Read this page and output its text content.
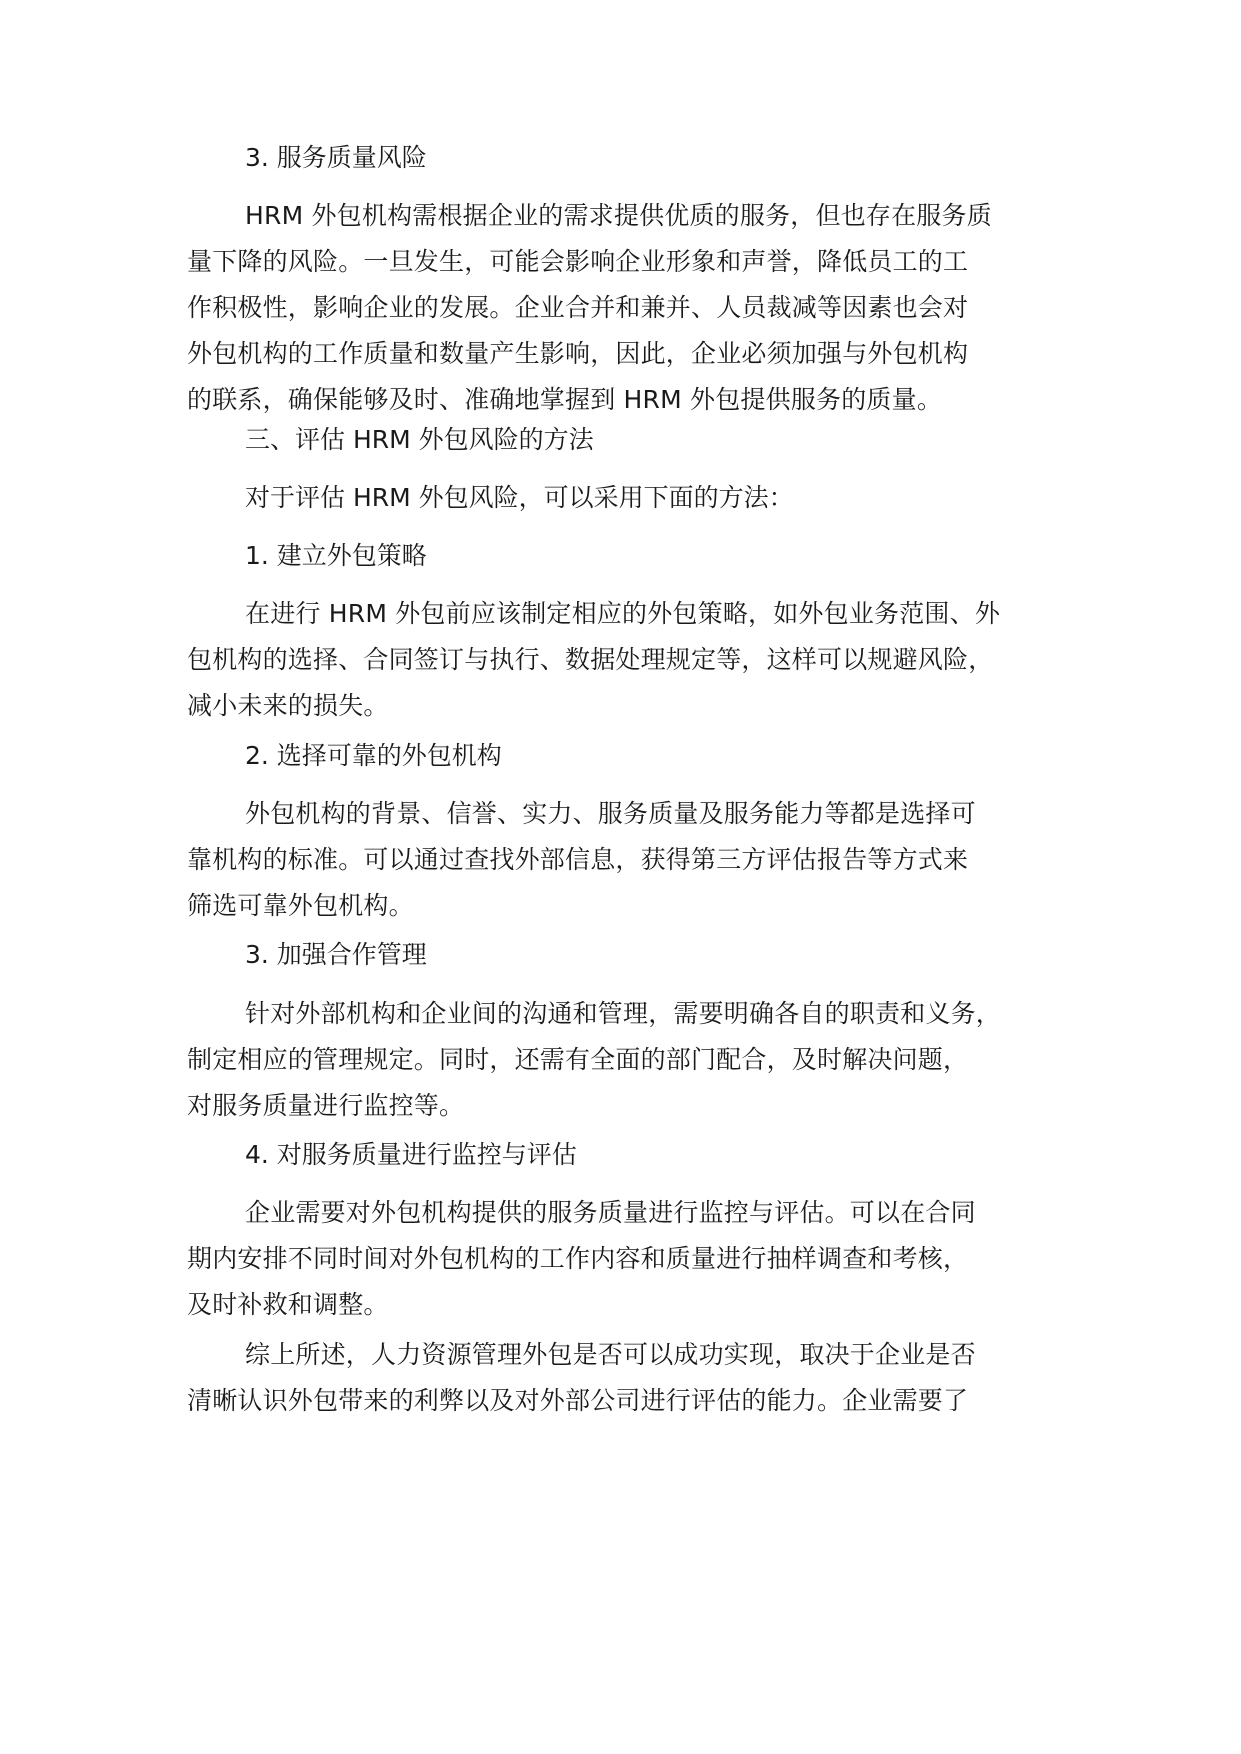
3. 服务质量风险

HRM 外包机构需根据企业的需求提供优质的服务，但也存在服务质
量下降的风险。一旦发生，可能会影响企业形象和声誉，降低员工的工
作积极性，影响企业的发展。企业合并和兼并、人员裁减等因素也会对
外包机构的工作质量和数量产生影响，因此，企业必须加强与外包机构
的联系，确保能够及时、准确地掌握到 HRM 外包提供服务的质量。

三、评估 HRM 外包风险的方法

对于评估 HRM 外包风险，可以采用下面的方法：

1. 建立外包策略

在进行 HRM 外包前应该制定相应的外包策略，如外包业务范围、外
包机构的选择、合同签订与执行、数据处理规定等，这样可以规避风险，
减小未来的损失。

2. 选择可靠的外包机构

外包机构的背景、信誉、实力、服务质量及服务能力等都是选择可
靠机构的标准。可以通过查找外部信息，获得第三方评估报告等方式来
筛选可靠外包机构。

3. 加强合作管理

针对外部机构和企业间的沟通和管理，需要明确各自的职责和义务，
制定相应的管理规定。同时，还需有全面的部门配合，及时解决问题，
对服务质量进行监控等。

4. 对服务质量进行监控与评估

企业需要对外包机构提供的服务质量进行监控与评估。可以在合同
期内安排不同时间对外包机构的工作内容和质量进行抽样调查和考核，
及时补救和调整。

综上所述，人力资源管理外包是否可以成功实现，取决于企业是否
清晰认识外包带来的利弊以及对外部公司进行评估的能力。企业需要了
